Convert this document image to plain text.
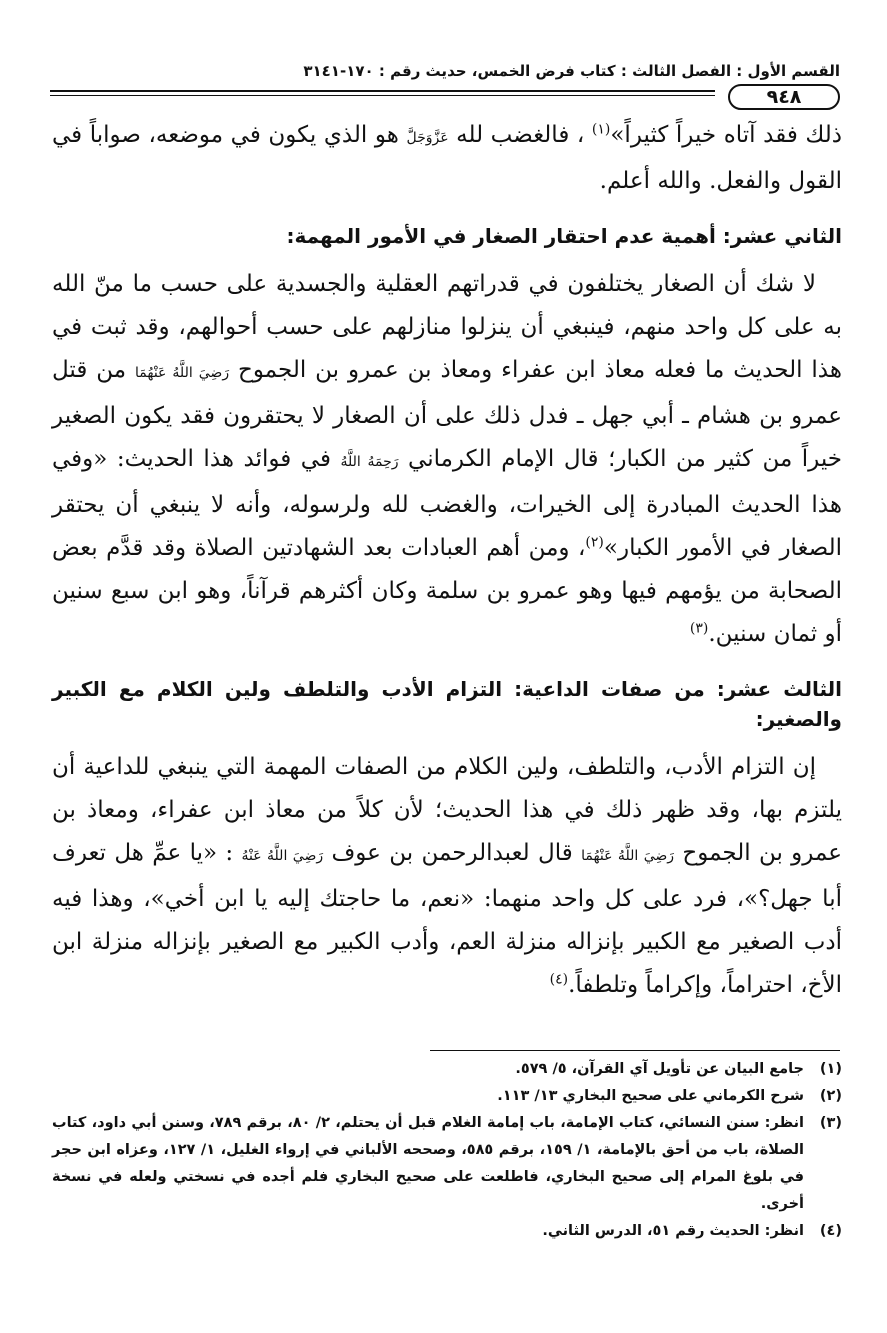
القسم الأول : الفصل الثالث : كتاب فرض الخمس، حديث رقم : ١٧٠-٣١٤١
٩٤٨

ذلك فقد آتاه خيراً كثيراً»$^{(١)}$ ، فالغضب لله عَزَّوَجَلَّ هو الذي يكون في موضعه، صواباً في القول والفعل. والله أعلم.

الثاني عشر: أهمية عدم احتقار الصغار في الأمور المهمة:

لا شك أن الصغار يختلفون في قدراتهم العقلية والجسدية على حسب ما منّ الله به على كل واحد منهم، فينبغي أن ينزلوا منازلهم على حسب أحوالهم، وقد ثبت في هذا الحديث ما فعله معاذ ابن عفراء ومعاذ بن عمرو بن الجموح رَضِيَ اللَّهُ عَنْهُمَا من قتل عمرو بن هشام ـ أبي جهل ـ فدل ذلك على أن الصغار لا يحتقرون فقد يكون الصغير خيراً من كثير من الكبار؛ قال الإمام الكرماني رَحِمَهُ اللَّهُ في فوائد هذا الحديث: «وفي هذا الحديث المبادرة إلى الخيرات، والغضب لله ولرسوله، وأنه لا ينبغي أن يحتقر الصغار في الأمور الكبار»$^{(٢)}$، ومن أهم العبادات بعد الشهادتين الصلاة وقد قدَّم بعض الصحابة من يؤمهم فيها وهو عمرو بن سلمة وكان أكثرهم قرآناً، وهو ابن سبع سنين أو ثمان سنين.$^{(٣)}$

الثالث عشر: من صفات الداعية: التزام الأدب والتلطف ولين الكلام مع الكبير والصغير:

إن التزام الأدب، والتلطف، ولين الكلام من الصفات المهمة التي ينبغي للداعية أن يلتزم بها، وقد ظهر ذلك في هذا الحديث؛ لأن كلاً من معاذ ابن عفراء، ومعاذ بن عمرو بن الجموح رَضِيَ اللَّهُ عَنْهُمَا قال لعبدالرحمن بن عوف رَضِيَ اللَّهُ عَنْهُ : «يا عمِّ هل تعرف أبا جهل؟»، فرد على كل واحد منهما: «نعم، ما حاجتك إليه يا ابن أخي»، وهذا فيه أدب الصغير مع الكبير بإنزاله منزلة العم، وأدب الكبير مع الصغير بإنزاله منزلة ابن الأخ، احتراماً، وإكراماً وتلطفاً.$^{(٤)}$

(١)
جامع البيان عن تأويل آي القرآن، ٥/ ٥٧٩.
(٢)
شرح الكرماني على صحيح البخاري ١٣/ ١١٣.
(٣)
انظر: سنن النسائي، كتاب الإمامة، باب إمامة الغلام قبل أن يحتلم، ٢/ ٨٠، برقم ٧٨٩، وسنن أبي داود، كتاب الصلاة، باب من أحق بالإمامة، ١/ ١٥٩، برقم ٥٨٥، وصححه الألباني في إرواء الغليل، ١/ ١٢٧، وعزاه ابن حجر في بلوغ المرام إلى صحيح البخاري، فاطلعت على صحيح البخاري فلم أجده في نسختي ولعله في نسخة أخرى.
(٤)
انظر: الحديث رقم ٥١، الدرس الثاني.
